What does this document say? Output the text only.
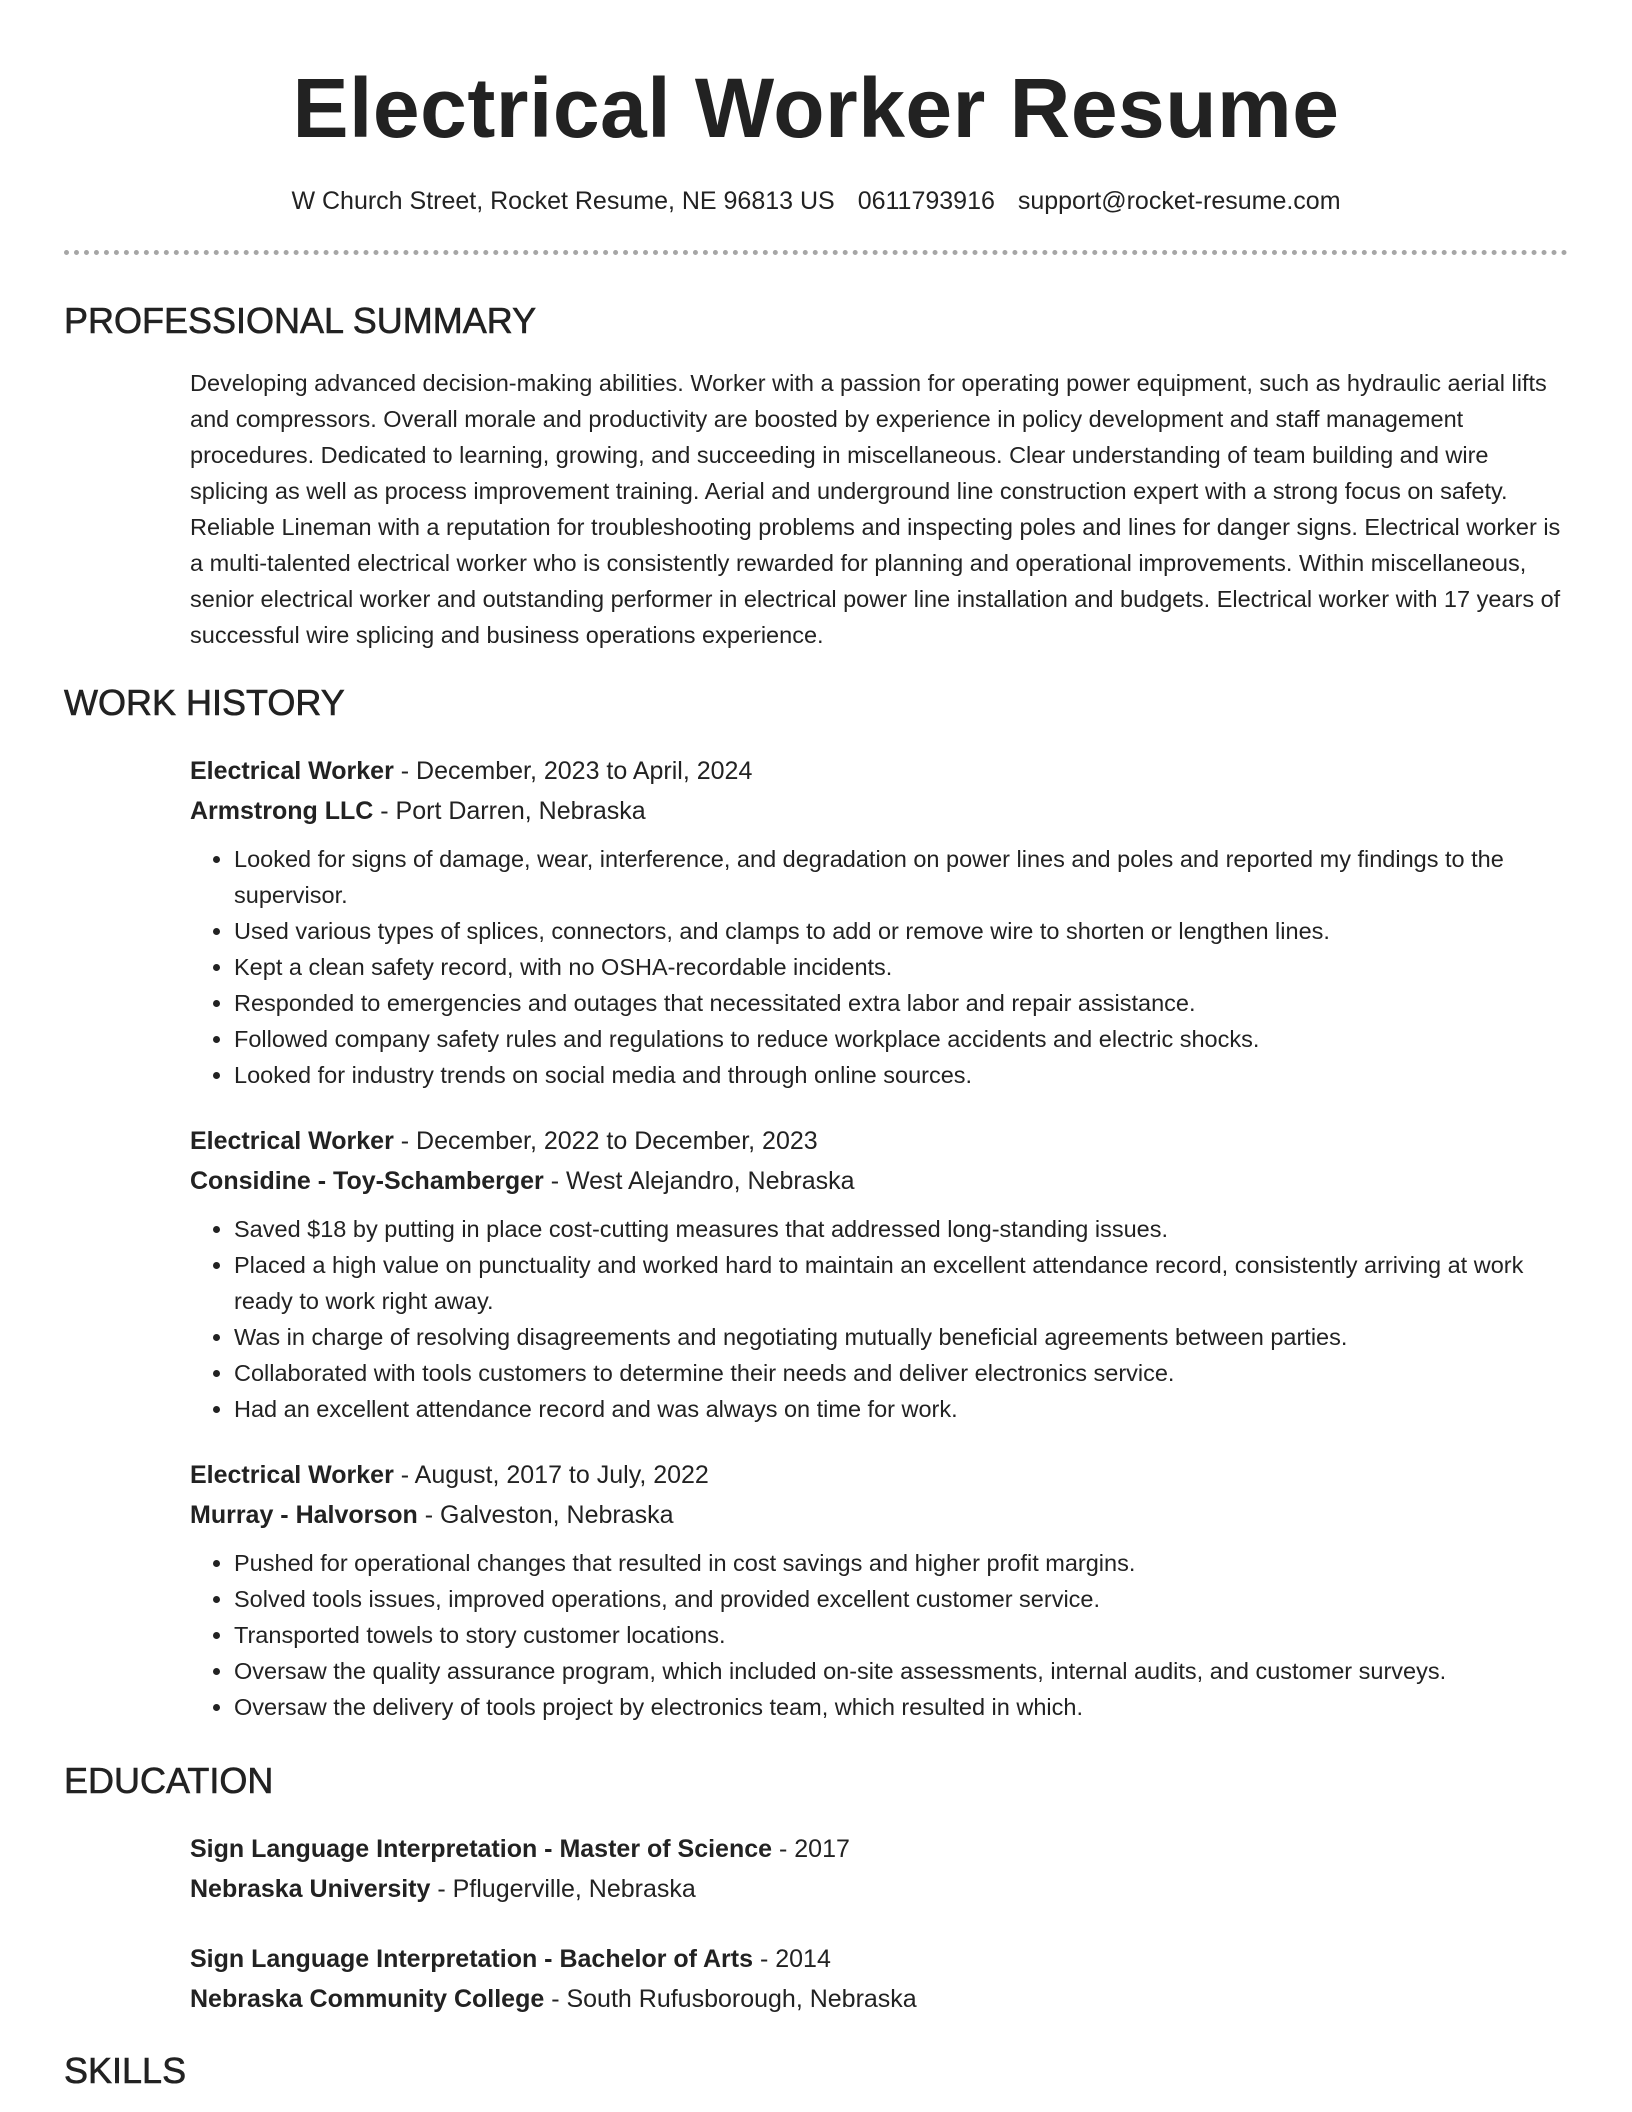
Electrical Worker Resume
W Church Street, Rocket Resume, NE 96813 US 0611793916 support@rocket-resume.com
PROFESSIONAL SUMMARY

Developing advanced decision-making abilities. Worker with a passion for operating power equipment, such as hydraulic aerial lifts and compressors. Overall morale and productivity are boosted by experience in policy development and staff management procedures. Dedicated to learning, growing, and succeeding in miscellaneous. Clear understanding of team building and wire splicing as well as process improvement training. Aerial and underground line construction expert with a strong focus on safety. Reliable Lineman with a reputation for troubleshooting problems and inspecting poles and lines for danger signs. Electrical worker is a multi-talented electrical worker who is consistently rewarded for planning and operational improvements. Within miscellaneous, senior electrical worker and outstanding performer in electrical power line installation and budgets. Electrical worker with 17 years of successful wire splicing and business operations experience.

WORK HISTORY
Electrical Worker - December, 2023 to April, 2024
Armstrong LLC - Port Darren, Nebraska
• Looked for signs of damage, wear, interference, and degradation on power lines and poles and reported my findings to the supervisor.
• Used various types of splices, connectors, and clamps to add or remove wire to shorten or lengthen lines.
• Kept a clean safety record, with no OSHA-recordable incidents.
• Responded to emergencies and outages that necessitated extra labor and repair assistance.
• Followed company safety rules and regulations to reduce workplace accidents and electric shocks.
• Looked for industry trends on social media and through online sources.
Electrical Worker - December, 2022 to December, 2023
Considine - Toy-Schamberger - West Alejandro, Nebraska
• Saved $18 by putting in place cost-cutting measures that addressed long-standing issues.
• Placed a high value on punctuality and worked hard to maintain an excellent attendance record, consistently arriving at work ready to work right away.
• Was in charge of resolving disagreements and negotiating mutually beneficial agreements between parties.
• Collaborated with tools customers to determine their needs and deliver electronics service.
• Had an excellent attendance record and was always on time for work.
Electrical Worker - August, 2017 to July, 2022
Murray - Halvorson - Galveston, Nebraska
• Pushed for operational changes that resulted in cost savings and higher profit margins.
• Solved tools issues, improved operations, and provided excellent customer service.
• Transported towels to story customer locations.
• Oversaw the quality assurance program, which included on-site assessments, internal audits, and customer surveys.
• Oversaw the delivery of tools project by electronics team, which resulted in which.
EDUCATION
Sign Language Interpretation - Master of Science - 2017
Nebraska University - Pflugerville, Nebraska
Sign Language Interpretation - Bachelor of Arts - 2014
Nebraska Community College - South Rufusborough, Nebraska
SKILLS
